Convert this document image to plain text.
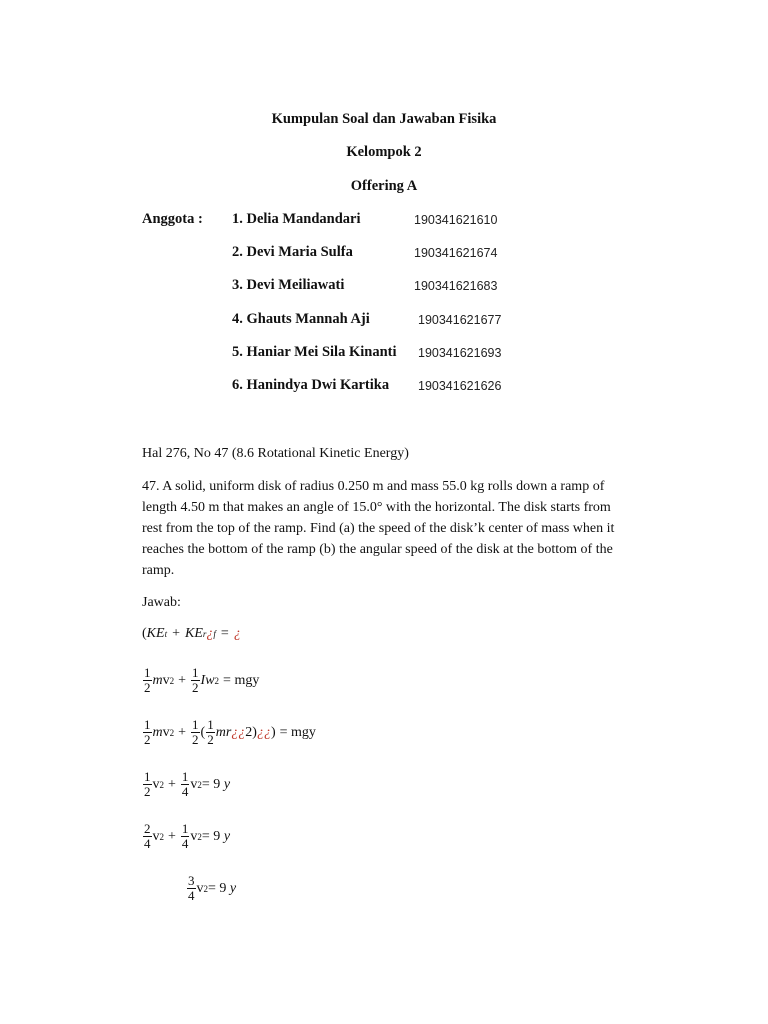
Kumpulan Soal dan Jawaban Fisika
Kelompok 2
Offering A
Anggota : 1. Delia Mandandari	190341621610
2. Devi Maria Sulfa	190341621674
3. Devi Meiliawati	190341621683
4. Ghauts Mannah Aji	190341621677
5. Haniar Mei Sila Kinanti 190341621693
6. Hanindya Dwi Kartika 190341621626
Hal 276, No 47 (8.6 Rotational Kinetic Energy)
47. A solid, uniform disk of radius 0.250 m and mass 55.0 kg rolls down a ramp of
length 4.50 m that makes an angle of 15.0° with the horizontal. The disk starts from
rest from the top of the ramp. Find (a) the speed of the disk’k center of mass when it
reaches the bottom of the ramp (b) the angular speed of the disk at the bottom of the
ramp.
Jawab:
( KE t + KE r ¿ f = ¿
$\frac{1}{2}$ m v $2 + \frac{1}{2}$ I w 2 = mgy
$\frac{1}{2}$ m v $2 + \frac{1}{2}$ ( $\frac{1}{2}$ mr ¿ ¿ 2 ) ¿ ¿ ) = mgy
$\frac{1}{2}$ v $2 + \frac{1}{4}$ v 2 = 9
y
$\frac{2}{4}$ v $2 + \frac{1}{4}$ v 2 = 9
y
$\frac{3}{4}$ v 2 = 9
y
